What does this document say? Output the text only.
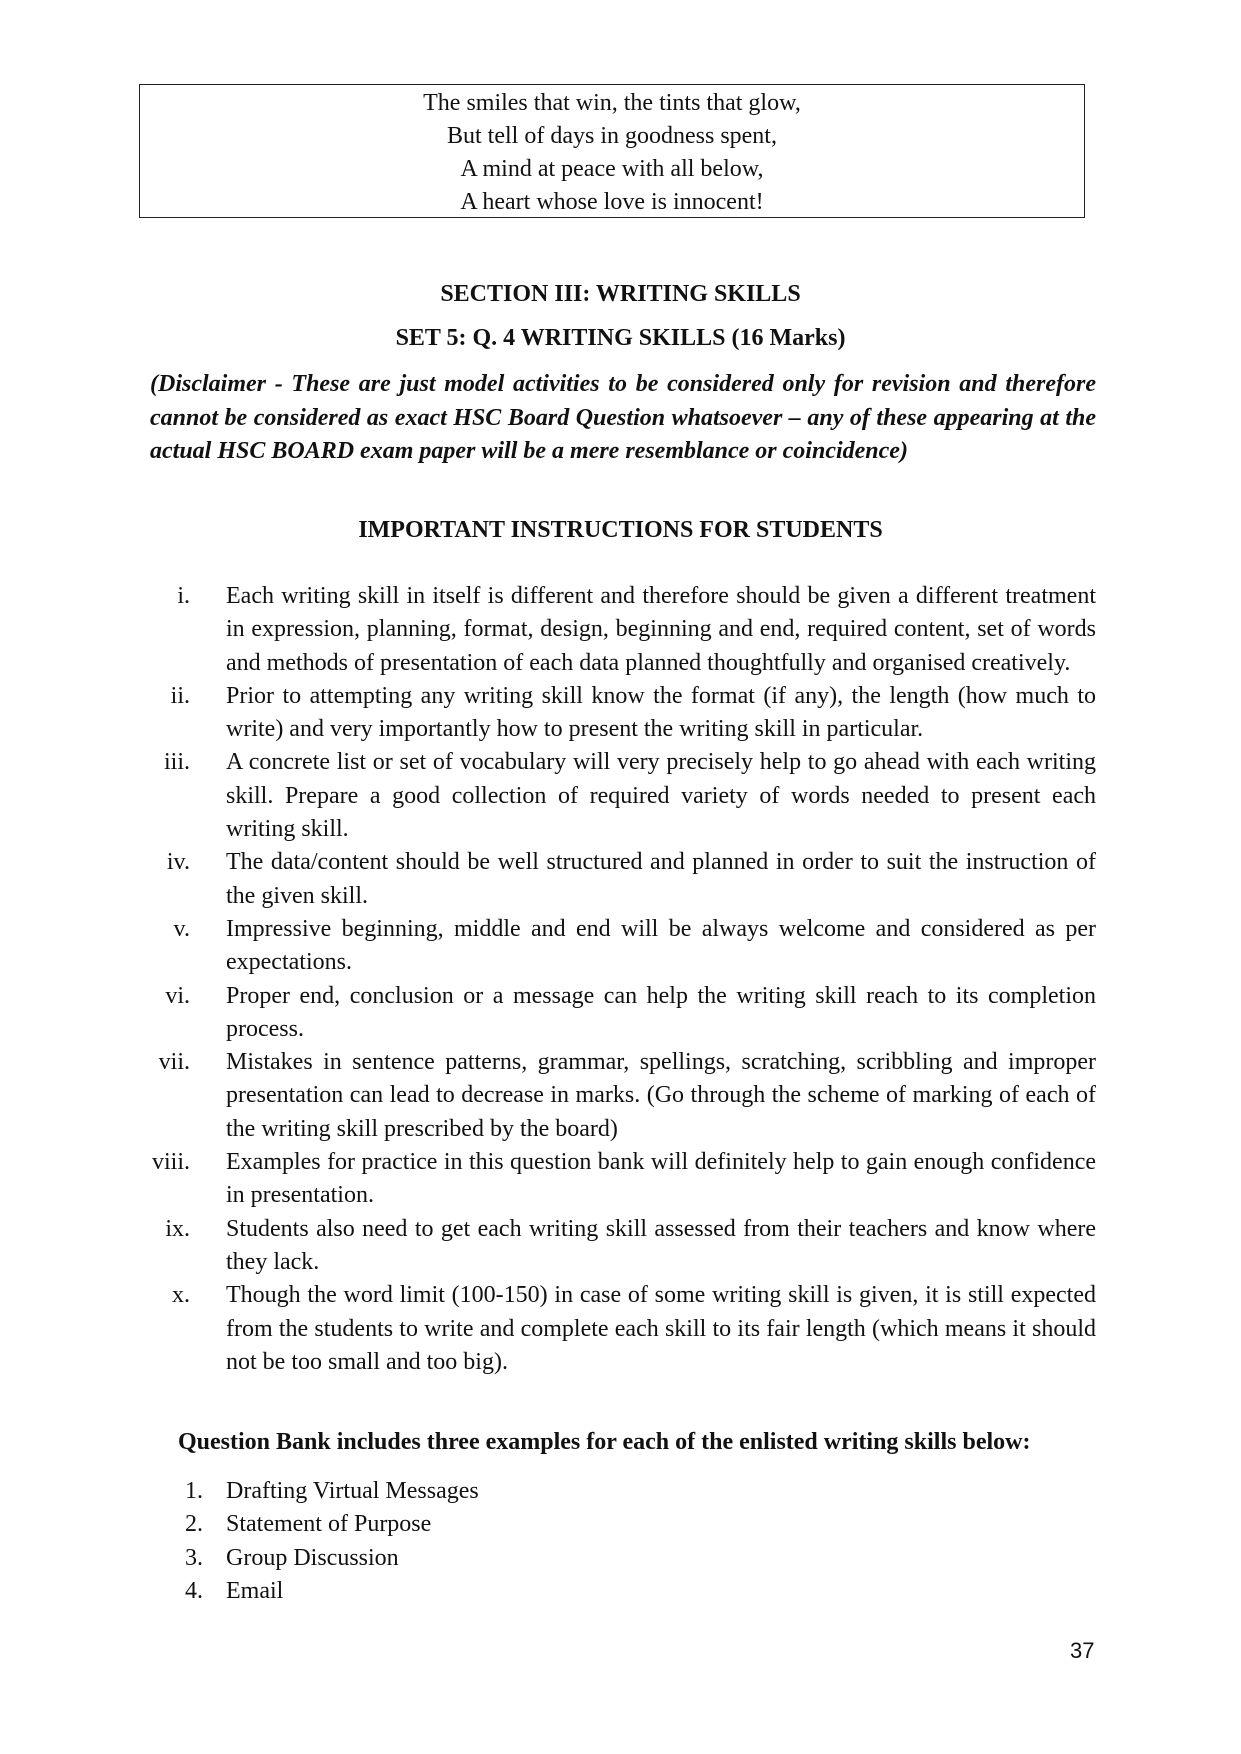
The smiles that win, the tints that glow,
But tell of days in goodness spent,
A mind at peace with all below,
A heart whose love is innocent!
SECTION III: WRITING SKILLS
SET 5: Q. 4 WRITING SKILLS (16 Marks)
(Disclaimer - These are just model activities to be considered only for revision and therefore cannot be considered as exact HSC Board Question whatsoever – any of these appearing at the actual HSC BOARD exam paper will be a mere resemblance or coincidence)
IMPORTANT INSTRUCTIONS FOR STUDENTS
i. Each writing skill in itself is different and therefore should be given a different treatment in expression, planning, format, design, beginning and end, required content, set of words and methods of presentation of each data planned thoughtfully and organised creatively.
ii. Prior to attempting any writing skill know the format (if any), the length (how much to write) and very importantly how to present the writing skill in particular.
iii. A concrete list or set of vocabulary will very precisely help to go ahead with each writing skill. Prepare a good collection of required variety of words needed to present each writing skill.
iv. The data/content should be well structured and planned in order to suit the instruction of the given skill.
v. Impressive beginning, middle and end will be always welcome and considered as per expectations.
vi. Proper end, conclusion or a message can help the writing skill reach to its completion process.
vii. Mistakes in sentence patterns, grammar, spellings, scratching, scribbling and improper presentation can lead to decrease in marks. (Go through the scheme of marking of each of the writing skill prescribed by the board)
viii. Examples for practice in this question bank will definitely help to gain enough confidence in presentation.
ix. Students also need to get each writing skill assessed from their teachers and know where they lack.
x. Though the word limit (100-150) in case of some writing skill is given, it is still expected from the students to write and complete each skill to its fair length (which means it should not be too small and too big).
Question Bank includes three examples for each of the enlisted writing skills below:
1. Drafting Virtual Messages
2. Statement of Purpose
3. Group Discussion
4. Email
37
